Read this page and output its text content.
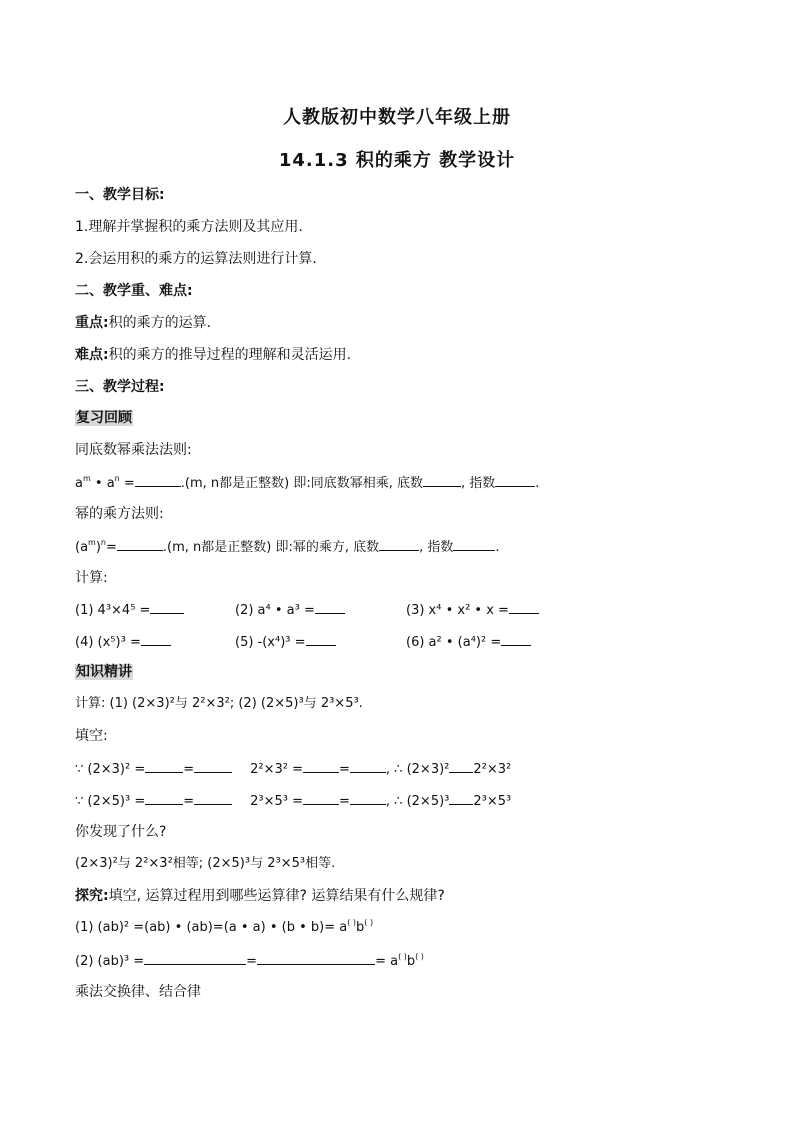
人教版初中数学八年级上册
14.1.3 积的乘方 教学设计
一、教学目标:
1.理解并掌握积的乘方法则及其应用.
2.会运用积的乘方的运算法则进行计算.
二、教学重、难点:
重点:积的乘方的运算.
难点:积的乘方的推导过程的理解和灵活运用.
三、教学过程:
复习回顾
同底数幂乘法法则:
$a^m$ • $a^n$ =	.(m, n都是正整数) 即:同底数幂相乘, 底数	, 指数	.
幂的乘方法则:
$(a^m)^n=$	.(m, n都是正整数) 即:幂的乘方, 底数	, 指数	.
计算:
(1) 4³×4⁵ =	(2) a⁴ • a³ =	(3) x⁴ • x² • x =
(4) (x⁵)³ =	(5) -(x⁴)³ =	(6) a² • (a⁴)² =
知识精讲
计算: (1) (2×3)²与 2²×3²; (2) (2×5)³与 2³×5³.
填空:
∵ (2×3)² =	=	2²×3² =	=	, ∴ (2×3)² 2²×3²
∵ (2×5)³ =	=	2³×5³ =	=	, ∴ (2×5)³ 2³×5³
你发现了什么?
(2×3)²与 2²×3²相等; (2×5)³与 2³×5³相等.
探究:填空, 运算过程用到哪些运算律? 运算结果有什么规律?
(1) (ab)² =(ab) • (ab)=(a • a) • (b • b)= a( )b( )
(2) (ab)³ =	=	= a( )b( )
乘法交换律、结合律
